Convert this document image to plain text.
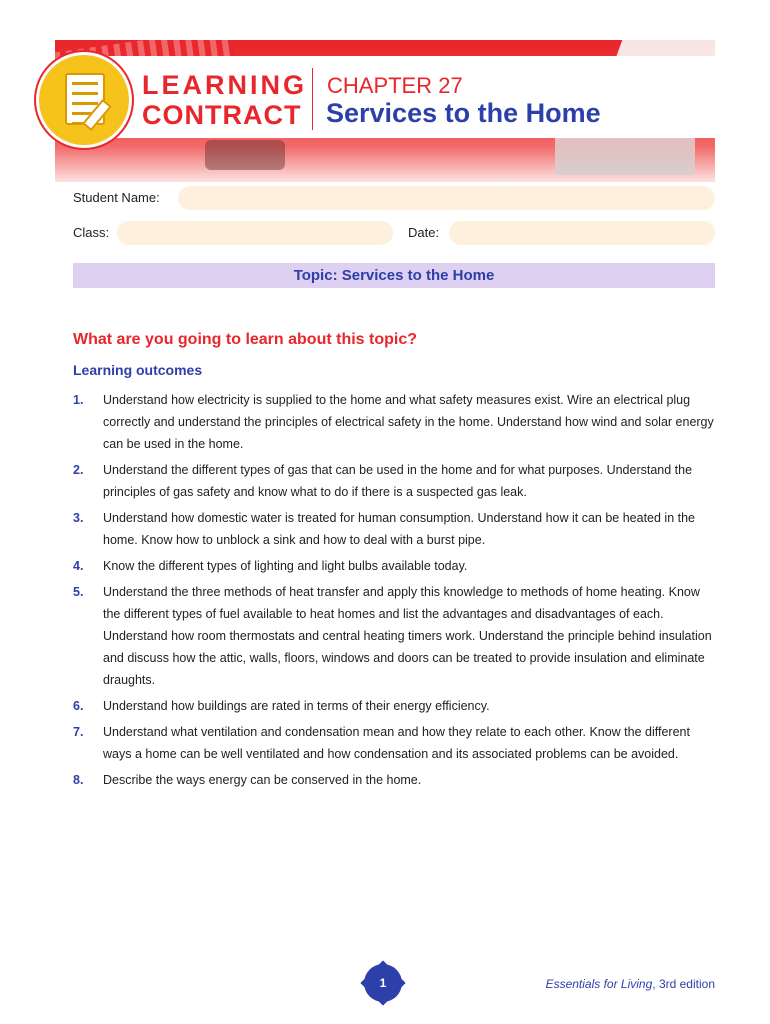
LEARNING
CONTRACT
CHAPTER 27
Services to the Home
Student Name:
Class:	Date:
Topic: Services to the Home
What are you going to learn about this topic?
Learning outcomes
1. Understand how electricity is supplied to the home and what safety measures exist. Wire an electrical plug correctly and understand the principles of electrical safety in the home. Understand how wind and solar energy can be used in the home.
2. Understand the different types of gas that can be used in the home and for what purposes. Understand the principles of gas safety and know what to do if there is a suspected gas leak.
3. Understand how domestic water is treated for human consumption. Understand how it can be heated in the home. Know how to unblock a sink and how to deal with a burst pipe.
4. Know the different types of lighting and light bulbs available today.
5. Understand the three methods of heat transfer and apply this knowledge to methods of home heating. Know the different types of fuel available to heat homes and list the advantages and disadvantages of each. Understand how room thermostats and central heating timers work. Understand the principle behind insulation and discuss how the attic, walls, floors, windows and doors can be treated to provide insulation and eliminate draughts.
6. Understand how buildings are rated in terms of their energy efficiency.
7. Understand what ventilation and condensation mean and how they relate to each other. Know the different ways a home can be well ventilated and how condensation and its associated problems can be avoided.
8. Describe the ways energy can be conserved in the home.
1	Essentials for Living, 3rd edition
